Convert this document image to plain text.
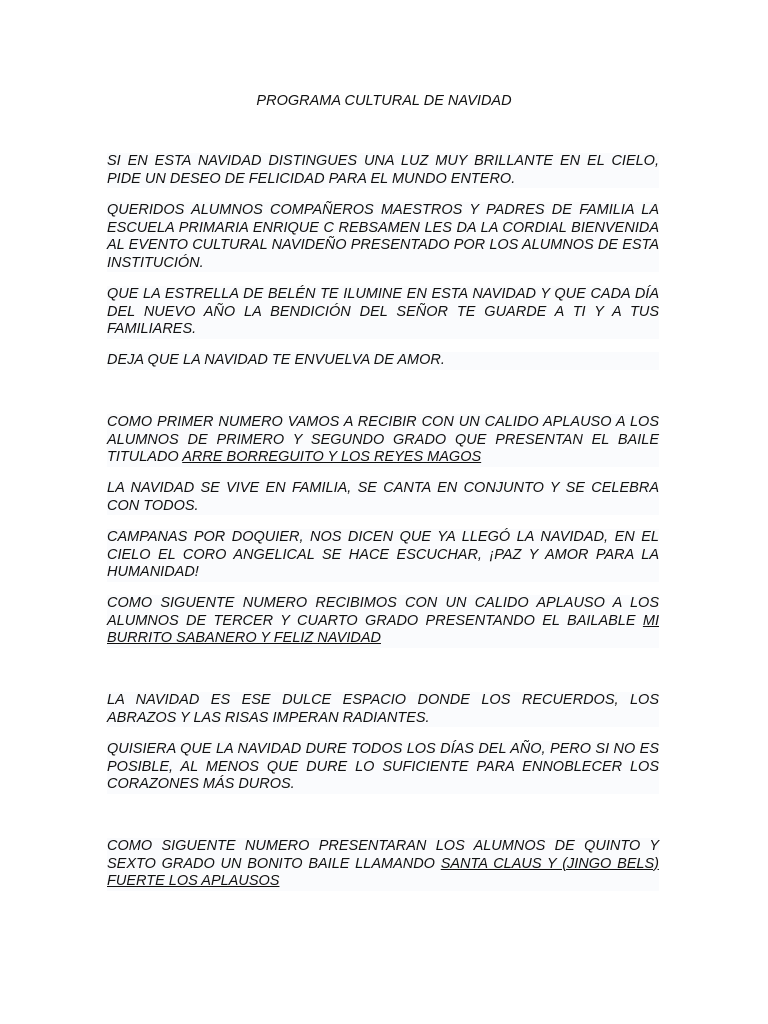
PROGRAMA CULTURAL DE NAVIDAD

SI EN ESTA NAVIDAD DISTINGUES UNA LUZ MUY BRILLANTE EN EL CIELO, PIDE UN DESEO DE FELICIDAD PARA EL MUNDO ENTERO.

QUERIDOS ALUMNOS COMPAÑEROS MAESTROS Y PADRES DE FAMILIA LA ESCUELA PRIMARIA ENRIQUE C REBSAMEN LES DA LA CORDIAL BIENVENIDA AL EVENTO CULTURAL NAVIDEÑO PRESENTADO POR LOS ALUMNOS DE ESTA INSTITUCIÓN.

QUE LA ESTRELLA DE BELÉN TE ILUMINE EN ESTA NAVIDAD Y QUE CADA DÍA DEL NUEVO AÑO LA BENDICIÓN DEL SEÑOR TE GUARDE A TI Y A TUS FAMILIARES.

DEJA QUE LA NAVIDAD TE ENVUELVA DE AMOR.

COMO PRIMER NUMERO VAMOS A RECIBIR CON UN CALIDO APLAUSO A LOS ALUMNOS DE PRIMERO Y SEGUNDO GRADO QUE PRESENTAN EL BAILE TITULADO ARRE BORREGUITO Y LOS REYES MAGOS

LA NAVIDAD SE VIVE EN FAMILIA, SE CANTA EN CONJUNTO Y SE CELEBRA CON TODOS.

CAMPANAS POR DOQUIER, NOS DICEN QUE YA LLEGÓ LA NAVIDAD, EN EL CIELO EL CORO ANGELICAL SE HACE ESCUCHAR, ¡PAZ Y AMOR PARA LA HUMANIDAD!

COMO SIGUENTE NUMERO RECIBIMOS CON UN CALIDO APLAUSO A LOS ALUMNOS DE TERCER Y CUARTO GRADO PRESENTANDO EL BAILABLE MI BURRITO SABANERO Y FELIZ NAVIDAD

LA NAVIDAD ES ESE DULCE ESPACIO DONDE LOS RECUERDOS, LOS ABRAZOS Y LAS RISAS IMPERAN RADIANTES.

QUISIERA QUE LA NAVIDAD DURE TODOS LOS DÍAS DEL AÑO, PERO SI NO ES POSIBLE, AL MENOS QUE DURE LO SUFICIENTE PARA ENNOBLECER LOS CORAZONES MÁS DUROS.

COMO SIGUENTE NUMERO PRESENTARAN LOS ALUMNOS DE QUINTO Y SEXTO GRADO UN BONITO BAILE LLAMANDO SANTA CLAUS Y (JINGO BELS) FUERTE LOS APLAUSOS
